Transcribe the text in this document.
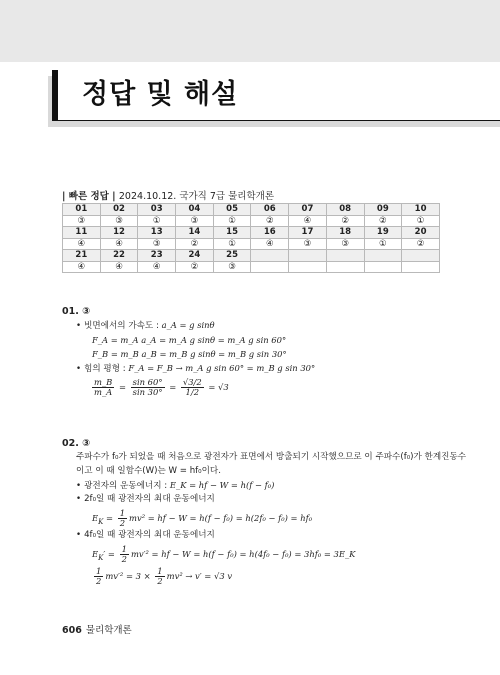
정답 및 해설
| 빠른 정답 | 2024.10.12. 국가직 7급 물리학개론
01	02	03	04	05	06	07	08	09	10
③	③	①	③	①	②	④	②	②	①
11	12	13	14	15	16	17	18	19	20
④	④	③	②	①	④	③	③	①	②
21	22	23	24	25					
④	④	④	②	③					
01. ③
• 빗면에서의 가속도 : a_A = g sinθ
F_A = m_A a_A = m_A g sinθ = m_A g sin 60°
F_B = m_B a_B = m_B g sinθ = m_B g sin 30°
• 힘의 평형 : F_A = F_B → m_A g sin 60° = m_B g sin 30°
$\frac{m\_B}{m\_A} = \frac{\sin 60^\circ}{\sin 30^\circ} = \frac{√3/2}{1/2} = √3$
02. ③
주파수가 f₀가 되었을 때 처음으로 광전자가 표면에서 방출되기 시작했으므로 이 주파수(f₀)가 한계진동수
이고 이 때 일함수(W)는 W = hf₀이다.
• 광전자의 운동에너지 : E_K = hf − W = h(f − f₀)
• 2f₀일 때 광전자의 최대 운동에너지
$E_K = \frac{1}{2} mv^2$ = hf − W = h(f − f₀) = h(2f₀ − f₀) = hf₀
• 4f₀일 때 광전자의 최대 운동에너지
$E_K' = \frac{1}{2} mv'^2$ = hf − W = h(f − f₀) = h(4f₀ − f₀) = 3hf₀ = 3E_K
$\frac{1}{2} mv'^2 = 3 \times \frac{1}{2} mv^2 \to v' = √3$ v
606 물리학개론
